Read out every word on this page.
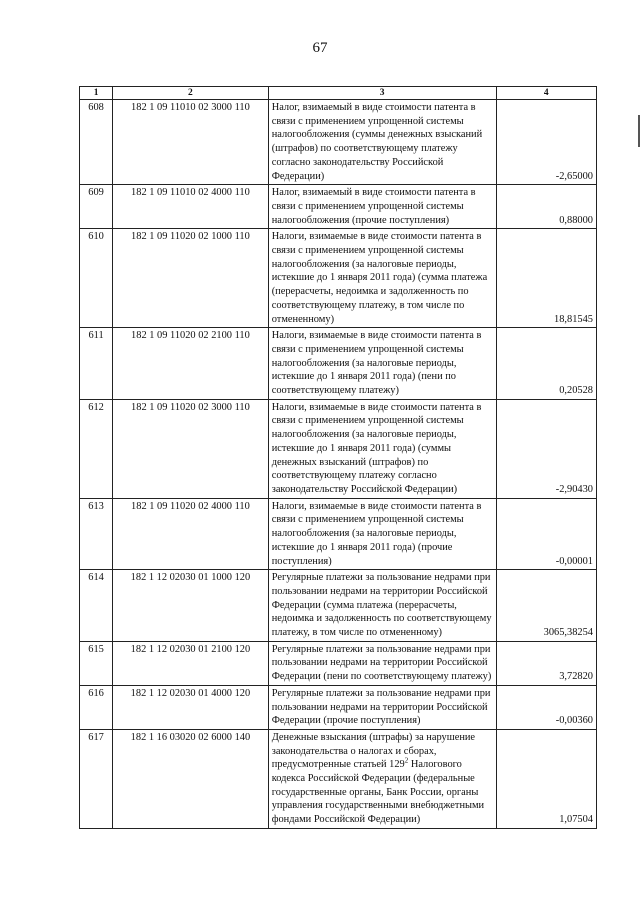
67
1	2	3	4
608	182 1 09 11010 02 3000 110	Налог, взимаемый в виде стоимости патента в связи с применением упрощенной системы налогообложения (суммы денежных взысканий (штрафов) по соответствующему платежу согласно законодательству Российской Федерации)	-2,65000
609	182 1 09 11010 02 4000 110	Налог, взимаемый в виде стоимости патента в связи с применением упрощенной системы налогообложения (прочие поступления)	0,88000
610	182 1 09 11020 02 1000 110	Налоги, взимаемые в виде стоимости патента в связи с применением упрощенной системы налогообложения (за налоговые периоды, истекшие до 1 января 2011 года) (сумма платежа (перерасчеты, недоимка и задолженность по соответствующему платежу, в том числе по отмененному)	18,81545
611	182 1 09 11020 02 2100 110	Налоги, взимаемые в виде стоимости патента в связи с применением упрощенной системы налогообложения (за налоговые периоды, истекшие до 1 января 2011 года) (пени по соответствующему платежу)	0,20528
612	182 1 09 11020 02 3000 110	Налоги, взимаемые в виде стоимости патента в связи с применением упрощенной системы налогообложения (за налоговые периоды, истекшие до 1 января 2011 года) (суммы денежных взысканий (штрафов) по соответствующему платежу согласно законодательству Российской Федерации)	-2,90430
613	182 1 09 11020 02 4000 110	Налоги, взимаемые в виде стоимости патента в связи с применением упрощенной системы налогообложения (за налоговые периоды, истекшие до 1 января 2011 года) (прочие поступления)	-0,00001
614	182 1 12 02030 01 1000 120	Регулярные платежи за пользование недрами при пользовании недрами на территории Российской Федерации (сумма платежа (перерасчеты, недоимка и задолженность по соответствующему платежу, в том числе по отмененному)	3065,38254
615	182 1 12 02030 01 2100 120	Регулярные платежи за пользование недрами при пользовании недрами на территории Российской Федерации (пени по соответствующему платежу)	3,72820
616	182 1 12 02030 01 4000 120	Регулярные платежи за пользование недрами при пользовании недрами на территории Российской Федерации (прочие поступления)	-0,00360
617	182 1 16 03020 02 6000 140	Денежные взыскания (штрафы) за нарушение законодательства о налогах и сборах, предусмотренные статьей $129^2$ Налогового кодекса Российской Федерации (федеральные государственные органы, Банк России, органы управления государственными внебюджетными фондами Российской Федерации)	1,07504
